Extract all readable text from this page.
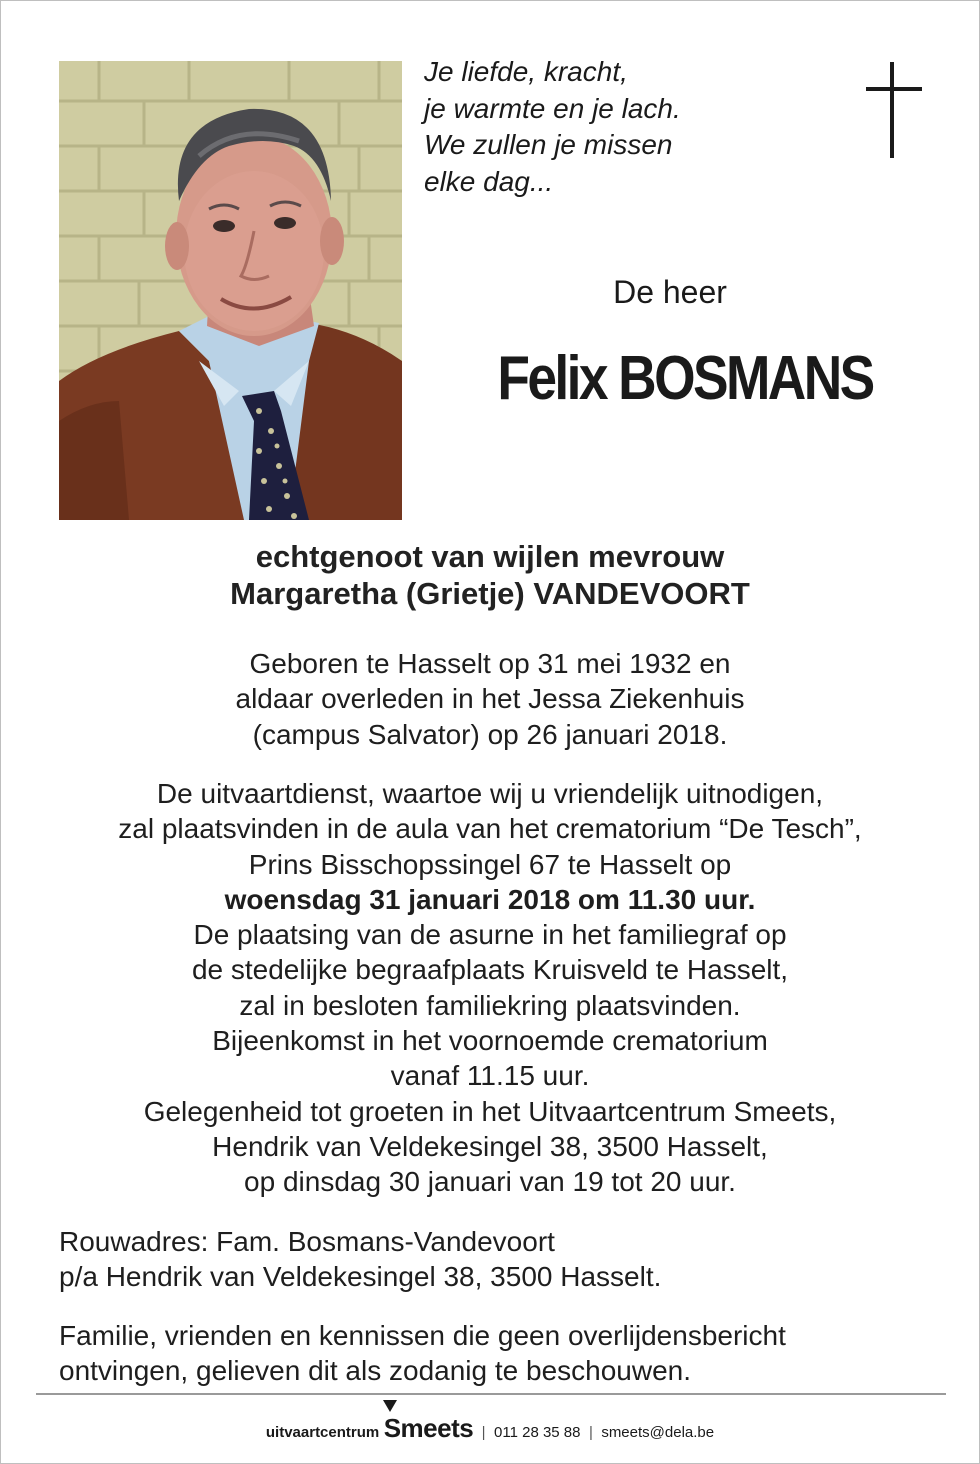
Je liefde, kracht,
je warmte en je lach.
We zullen je missen
elke dag...
De heer
Felix BOSMANS
echtgenoot van wijlen mevrouw
Margaretha (Grietje) VANDEVOORT
Geboren te Hasselt op 31 mei 1932 en
aldaar overleden in het Jessa Ziekenhuis
(campus Salvator) op 26 januari 2018.
De uitvaartdienst, waartoe wij u vriendelijk uitnodigen,
zal plaatsvinden in de aula van het crematorium “De Tesch”,
Prins Bisschopssingel 67 te Hasselt op
woensdag 31 januari 2018 om 11.30 uur.
De plaatsing van de asurne in het familiegraf op
de stedelijke begraafplaats Kruisveld te Hasselt,
zal in besloten familiekring plaatsvinden.
Bijeenkomst in het voornoemde crematorium
vanaf 11.15 uur.
Gelegenheid tot groeten in het Uitvaartcentrum Smeets,
Hendrik van Veldekesingel 38, 3500 Hasselt,
op dinsdag 30 januari van 19 tot 20 uur.
Rouwadres: Fam. Bosmans-Vandevoort
p/a Hendrik van Veldekesingel 38, 3500 Hasselt.
Familie, vrienden en kennissen die geen overlijdensbericht
ontvingen, gelieven dit als zodanig te beschouwen.
uitvaartcentrum Smeets | 011 28 35 88 | smeets@dela.be
